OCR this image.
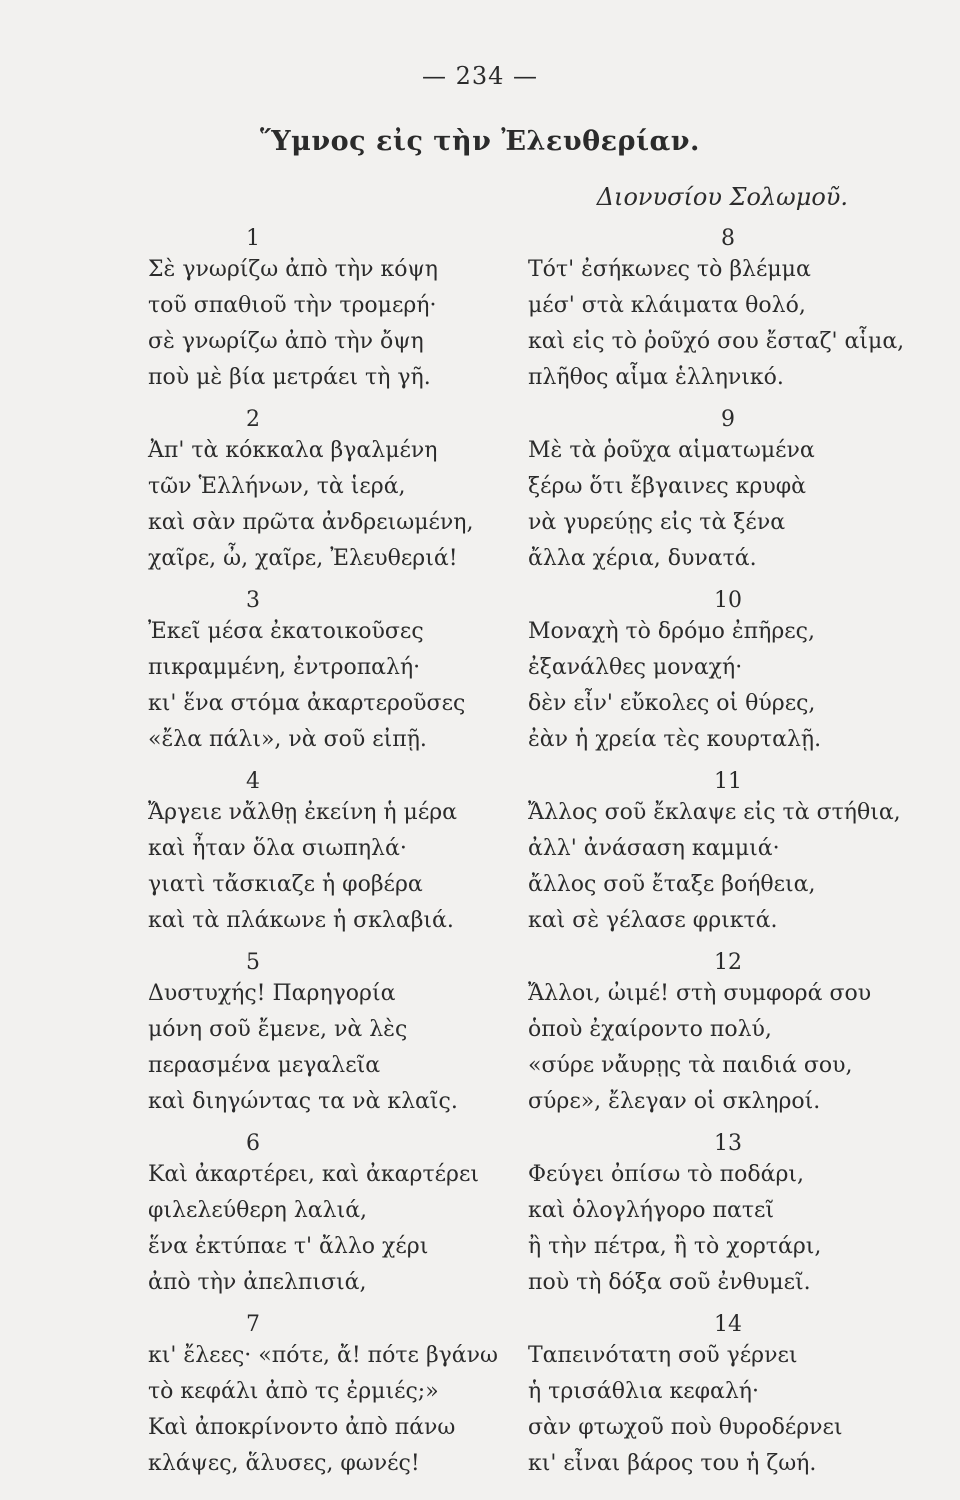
— 234 —
Ὕμνος εἰς τὴν Ἐλευθερίαν.
Διονυσίου Σολωμοῦ.
1
Σὲ γνωρίζω ἀπὸ τὴν κόψη
τοῦ σπαθιοῦ τὴν τρομερή·
σὲ γνωρίζω ἀπὸ τὴν ὄψη
ποὺ μὲ βία μετράει τὴ γῆ.
2
Ἀπ' τὰ κόκκαλα βγαλμένη
τῶν Ἑλλήνων, τὰ ἱερά,
καὶ σὰν πρῶτα ἀνδρειωμένη,
χαῖρε, ὦ, χαῖρε, Ἐλευθεριά!
3
Ἐκεῖ μέσα ἐκατοικοῦσες
πικραμμένη, ἐντροπαλή·
κι' ἕνα στόμα ἀκαρτεροῦσες
«ἔλα πάλι», νὰ σοῦ εἰπῇ.
4
Ἄργειε νἄλθῃ ἐκείνη ἡ μέρα
καὶ ἦταν ὅλα σιωπηλά·
γιατὶ τἄσκιαζε ἡ φοβέρα
καὶ τὰ πλάκωνε ἡ σκλαβιά.
5
Δυστυχής! Παρηγορία
μόνη σοῦ ἔμενε, νὰ λὲς
περασμένα μεγαλεῖα
καὶ διηγώντας τα νὰ κλαῖς.
6
Καὶ ἀκαρτέρει, καὶ ἀκαρτέρει
φιλελεύθερη λαλιά,
ἕνα ἐκτύπαε τ' ἄλλο χέρι
ἀπὸ τὴν ἀπελπισιά,
7
κι' ἔλεες· «πότε, ἄ! πότε βγάνω
τὸ κεφάλι ἀπὸ τς ἐρμιές;»
Καὶ ἀποκρίνοντο ἀπὸ πάνω
κλάψες, ἅλυσες, φωνές!
8
Τότ' ἐσήκωνες τὸ βλέμμα
μέσ' στὰ κλάιματα θολό,
καὶ εἰς τὸ ῥοῦχό σου ἔσταζ' αἷμα,
πλῆθος αἷμα ἑλληνικό.
9
Μὲ τὰ ῥοῦχα αἱματωμένα
ξέρω ὅτι ἔβγαινες κρυφὰ
νὰ γυρεύῃς εἰς τὰ ξένα
ἄλλα χέρια, δυνατά.
10
Μοναχὴ τὸ δρόμο ἐπῆρες,
ἐξανάλθες μοναχή·
δὲν εἶν' εὔκολες οἱ θύρες,
ἐὰν ἡ χρεία τὲς κουρταλῇ.
11
Ἄλλος σοῦ ἔκλαψε εἰς τὰ στήθια,
ἀλλ' ἀνάσαση καμμιά·
ἄλλος σοῦ ἔταξε βοήθεια,
καὶ σὲ γέλασε φρικτά.
12
Ἄλλοι, ὠιμέ! στὴ συμφορά σου
ὁποὺ ἐχαίροντο πολύ,
«σύρε νἄυρῃς τὰ παιδιά σου,
σύρε», ἔλεγαν οἱ σκληροί.
13
Φεύγει ὀπίσω τὸ ποδάρι,
καὶ ὁλογλήγορο πατεῖ
ἢ τὴν πέτρα, ἢ τὸ χορτάρι,
ποὺ τὴ δόξα σοῦ ἐνθυμεῖ.
14
Ταπεινότατη σοῦ γέρνει
ἡ τρισάθλια κεφαλή·
σὰν φτωχοῦ ποὺ θυροδέρνει
κι' εἶναι βάρος του ἡ ζωή.
